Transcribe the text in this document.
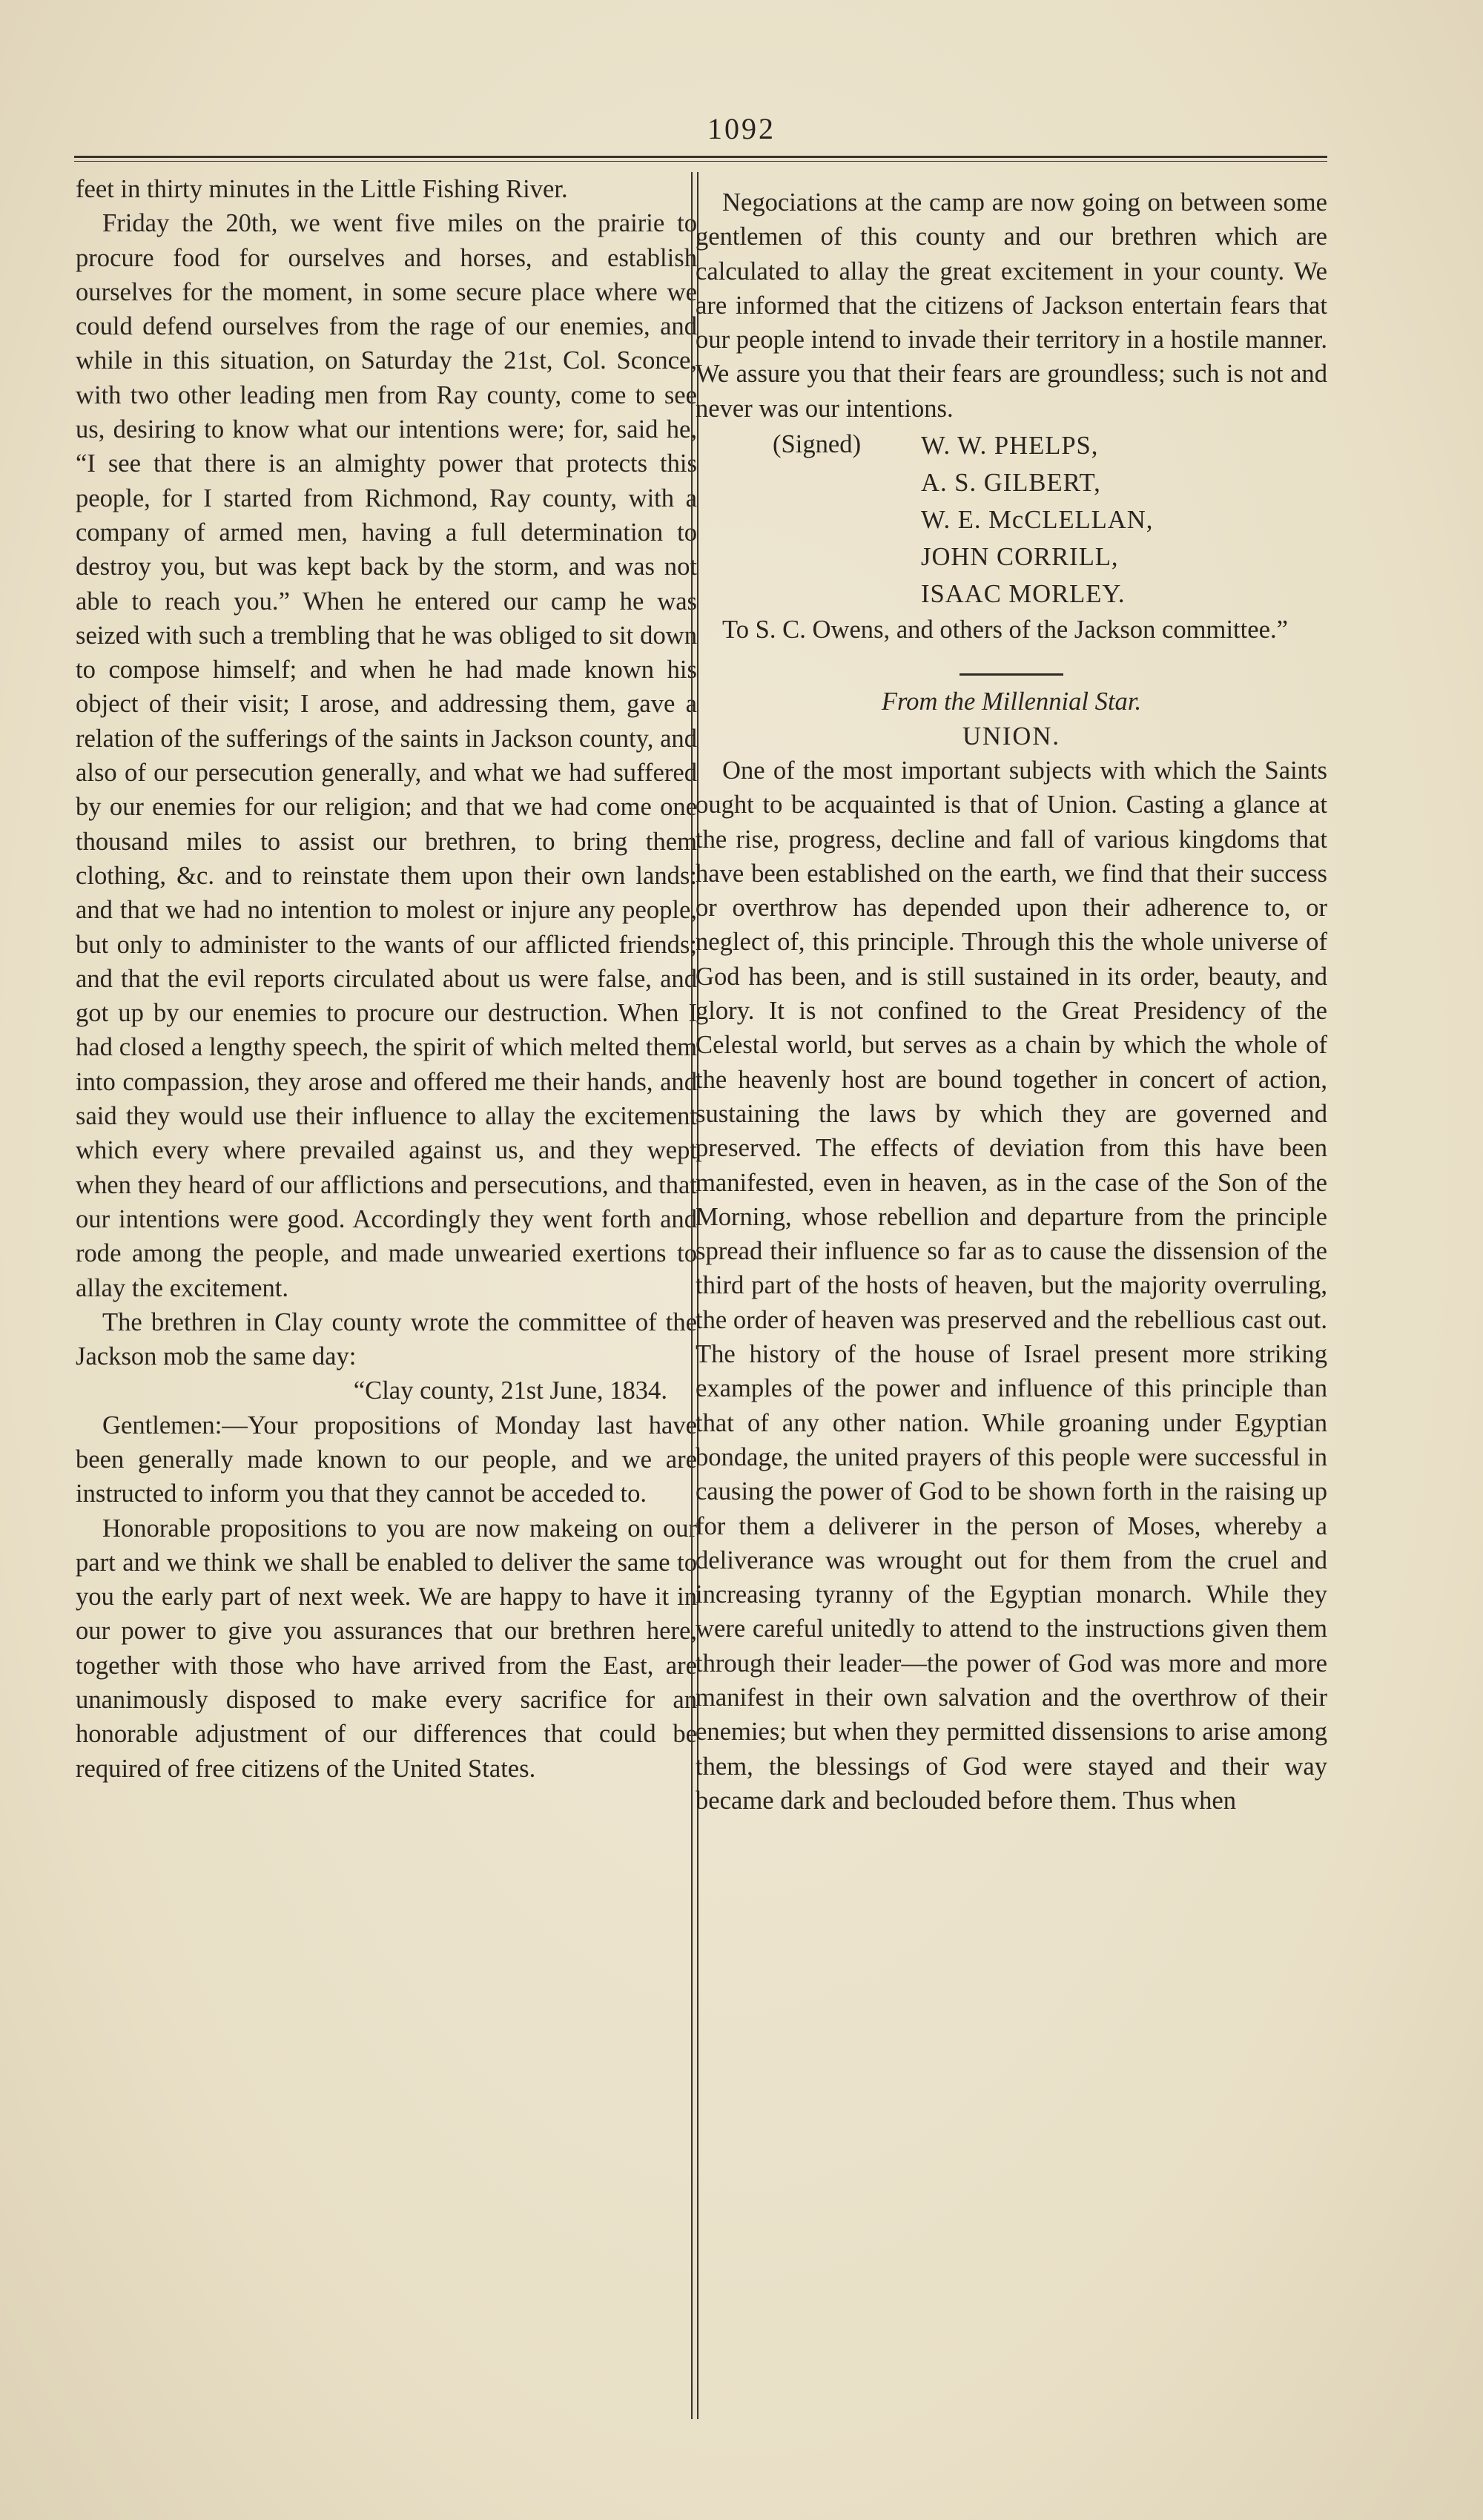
1092

feet in thirty minutes in the Little Fishing River.

Friday the 20th, we went five miles on the prairie to procure food for ourselves and horses, and establish ourselves for the moment, in some secure place where we could defend ourselves from the rage of our enemies, and while in this situation, on Saturday the 21st, Col. Sconce, with two other leading men from Ray county, come to see us, desiring to know what our intentions were; for, said he, “I see that there is an almighty power that protects this people, for I started from Richmond, Ray county, with a company of armed men, having a full determination to destroy you, but was kept back by the storm, and was not able to reach you.” When he entered our camp he was seized with such a trembling that he was obliged to sit down to compose himself; and when he had made known his object of their visit; I arose, and addressing them, gave a relation of the sufferings of the saints in Jackson county, and also of our persecution generally, and what we had suffered by our enemies for our religion; and that we had come one thousand miles to assist our brethren, to bring them clothing, &c. and to reinstate them upon their own lands: and that we had no intention to molest or injure any people, but only to administer to the wants of our afflicted friends; and that the evil reports circulated about us were false, and got up by our enemies to procure our destruction. When I had closed a lengthy speech, the spirit of which melted them into compassion, they arose and offered me their hands, and said they would use their influence to allay the excitement which every where prevailed against us, and they wept when they heard of our afflictions and persecutions, and that our intentions were good. Accordingly they went forth and rode among the people, and made unwearied exertions to allay the excitement.

The brethren in Clay county wrote the committee of the Jackson mob the same day:

“Clay county, 21st June, 1834.

Gentlemen:—Your propositions of Monday last have been generally made known to our people, and we are instructed to inform you that they cannot be acceded to.

Honorable propositions to you are now makeing on our part and we think we shall be enabled to deliver the same to you the early part of next week. We are happy to have it in our power to give you assurances that our brethren here, together with those who have arrived from the East, are unanimously disposed to make every sacrifice for an honorable adjustment of our differences that could be required of free citizens of the United States.

Negociations at the camp are now going on between some gentlemen of this county and our brethren which are calculated to allay the great excitement in your county. We are informed that the citizens of Jackson entertain fears that our people intend to invade their territory in a hostile manner. We assure you that their fears are groundless; such is not and never was our intentions.

(Signed)	W. W. PHELPS,
A. S. GILBERT,
W. E. McCLELLAN,
JOHN CORRILL,
ISAAC MORLEY.

To S. C. Owens, and others of the Jackson committee.”

From the Millennial Star.

UNION.

One of the most important subjects with which the Saints ought to be acquainted is that of Union. Casting a glance at the rise, progress, decline and fall of various kingdoms that have been established on the earth, we find that their success or overthrow has depended upon their adherence to, or neglect of, this principle. Through this the whole universe of God has been, and is still sustained in its order, beauty, and glory. It is not confined to the Great Presidency of the Celestal world, but serves as a chain by which the whole of the heavenly host are bound together in concert of action, sustaining the laws by which they are governed and preserved. The effects of deviation from this have been manifested, even in heaven, as in the case of the Son of the Morning, whose rebellion and departure from the principle spread their influence so far as to cause the dissension of the third part of the hosts of heaven, but the majority overruling, the order of heaven was preserved and the rebellious cast out. The history of the house of Israel present more striking examples of the power and influence of this principle than that of any other nation. While groaning under Egyptian bondage, the united prayers of this people were successful in causing the power of God to be shown forth in the raising up for them a deliverer in the person of Moses, whereby a deliverance was wrought out for them from the cruel and increasing tyranny of the Egyptian monarch. While they were careful unitedly to attend to the instructions given them through their leader—the power of God was more and more manifest in their own salvation and the overthrow of their enemies; but when they permitted dissensions to arise among them, the blessings of God were stayed and their way became dark and beclouded before them. Thus when
